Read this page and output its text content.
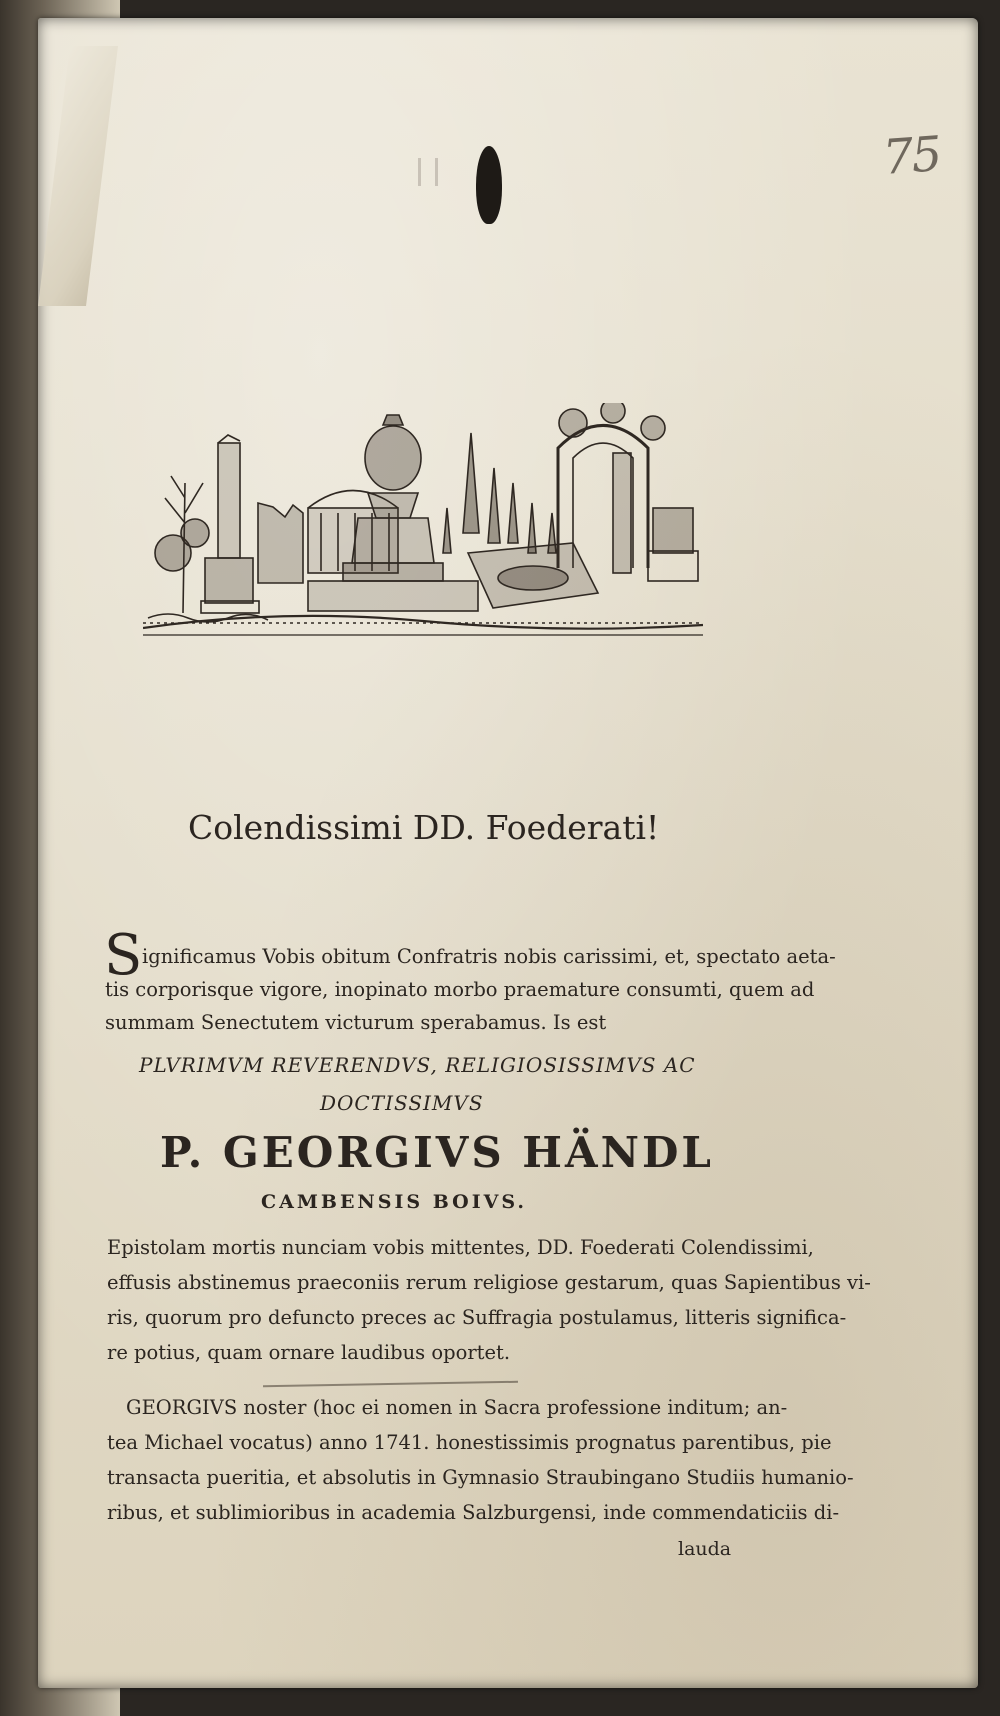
75
Colendissimi DD. Foederati!
S ignificamus Vobis obitum Confratris nobis carissimi, et, spectato aeta-
tis corporisque vigore, inopinato morbo praemature consumti, quem ad
summam Senectutem victurum sperabamus. Is est
PLVRIMVM REVERENDVS, RELIGIOSISSIMVS AC
DOCTISSIMVS
P. GEORGIVS HÄNDL
CAMBENSIS BOIVS.
Epistolam mortis nunciam vobis mittentes, DD. Foederati Colendissimi,
effusis abstinemus praeconiis rerum religiose gestarum, quas Sapientibus vi-
ris, quorum pro defuncto preces ac Suffragia postulamus, litteris significa-
re potius, quam ornare laudibus oportet.
GEORGIVS noster (hoc ei nomen in Sacra professione inditum; an-
tea Michael vocatus) anno 1741. honestissimis prognatus parentibus, pie
transacta pueritia, et absolutis in Gymnasio Straubingano Studiis humanio-
ribus, et sublimioribus in academia Salzburgensi, inde commendaticiis di-
lauda
